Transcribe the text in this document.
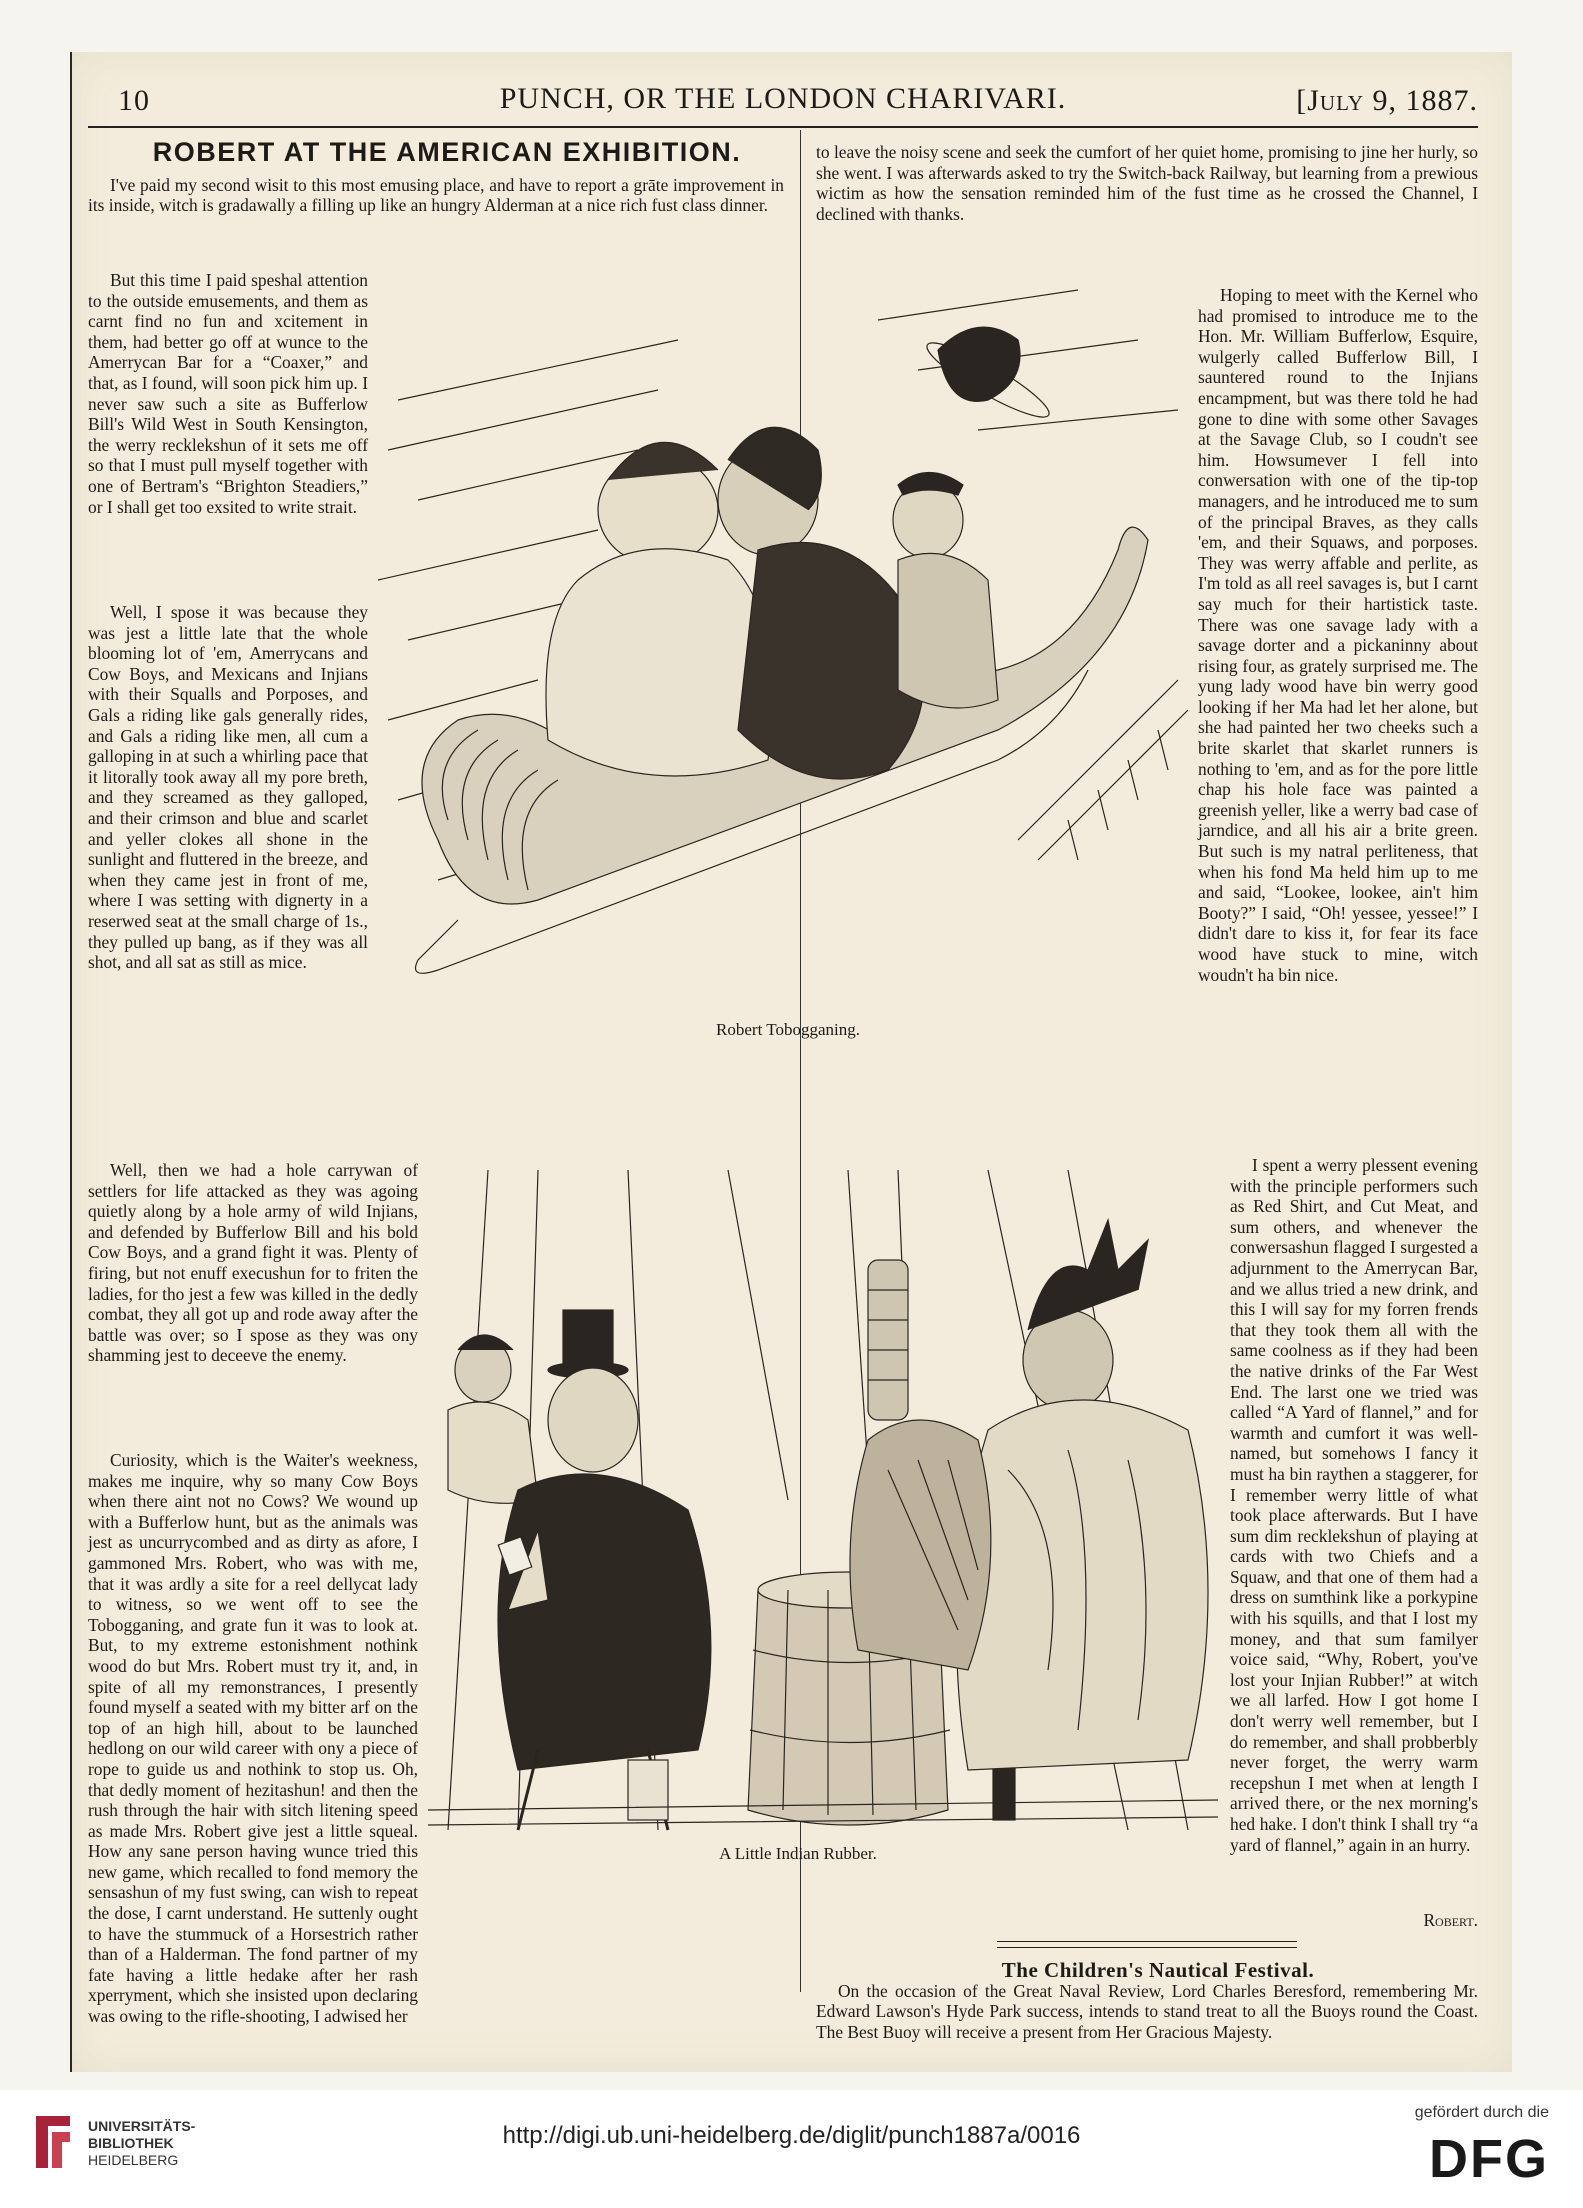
10	PUNCH, OR THE LONDON CHARIVARI.	[July 9, 1887.

ROBERT AT THE AMERICAN EXHIBITION.

I've paid my second wisit to this most emusing place, and have to report a grāte improvement in its inside, witch is gradawally a filling up like an hungry Alderman at a nice rich fust class dinner.

But this time I paid speshal attention to the outside emusements, and them as carnt find no fun and xcitement in them, had better go off at wunce to the Amerrycan Bar for a “Coaxer,” and that, as I found, will soon pick him up. I never saw such a site as Bufferlow Bill's Wild West in South Kensington, the werry recklekshun of it sets me off so that I must pull myself together with one of Bertram's “Brighton Steadiers,” or I shall get too exsited to write strait.

Well, I spose it was because they was jest a little late that the whole blooming lot of 'em, Amerrycans and Cow Boys, and Mexicans and Injians with their Squalls and Porposes, and Gals a riding like gals generally rides, and Gals a riding like men, all cum a galloping in at such a whirling pace that it litorally took away all my pore breth, and they screamed as they galloped, and their crimson and blue and scarlet and yeller clokes all shone in the sunlight and fluttered in the breeze, and when they came jest in front of me, where I was setting with dignerty in a reserwed seat at the small charge of 1s., they pulled up bang, as if they was all shot, and all sat as still as mice.

Robert Tobogganing.

to leave the noisy scene and seek the cumfort of her quiet home, promising to jine her hurly, so she went. I was afterwards asked to try the Switch-back Railway, but learning from a prewious wictim as how the sensation reminded him of the fust time as he crossed the Channel, I declined with thanks.

Hoping to meet with the Kernel who had promised to introduce me to the Hon. Mr. William Bufferlow, Esquire, wulgerly called Bufferlow Bill, I sauntered round to the Injians encampment, but was there told he had gone to dine with some other Savages at the Savage Club, so I coudn't see him. Howsumever I fell into conwersation with one of the tip-top managers, and he introduced me to sum of the principal Braves, as they calls 'em, and their Squaws, and porposes. They was werry affable and perlite, as I'm told as all reel savages is, but I carnt say much for their hartistick taste. There was one savage lady with a savage dorter and a pickaninny about rising four, as grately surprised me. The yung lady wood have bin werry good looking if her Ma had let her alone, but she had painted her two cheeks such a brite skarlet that skarlet runners is nothing to 'em, and as for the pore little chap his hole face was painted a greenish yeller, like a werry bad case of jarndice, and all his air a brite green. But such is my natral perliteness, that when his fond Ma held him up to me and said, “Lookee, lookee, ain't him Booty?” I said, “Oh! yessee, yessee!” I didn't dare to kiss it, for fear its face wood have stuck to mine, witch woudn't ha bin nice.

Well, then we had a hole carrywan of settlers for life attacked as they was agoing quietly along by a hole army of wild Injians, and defended by Bufferlow Bill and his bold Cow Boys, and a grand fight it was. Plenty of firing, but not enuff execushun for to friten the ladies, for tho jest a few was killed in the dedly combat, they all got up and rode away after the battle was over; so I spose as they was ony shamming jest to deceeve the enemy.

Curiosity, which is the Waiter's weekness, makes me inquire, why so many Cow Boys when there aint not no Cows? We wound up with a Bufferlow hunt, but as the animals was jest as uncurrycombed and as dirty as afore, I gammoned Mrs. Robert, who was with me, that it was ardly a site for a reel dellycat lady to witness, so we went off to see the Tobogganing, and grate fun it was to look at. But, to my extreme estonishment nothink wood do but Mrs. Robert must try it, and, in spite of all my remonstrances, I presently found myself a seated with my bitter arf on the top of an high hill, about to be launched hedlong on our wild career with ony a piece of rope to guide us and nothink to stop us. Oh, that dedly moment of hezitashun! and then the rush through the hair with sitch litening speed as made Mrs. Robert give jest a little squeal. How any sane person having wunce tried this new game, which recalled to fond memory the sensashun of my fust swing, can wish to repeat the dose, I carnt understand. He suttenly ought to have the stummuck of a Horsestrich rather than of a Halderman. The fond partner of my fate having a little hedake after her rash xperryment, which she insisted upon declaring was owing to the rifle-shooting, I adwised her

A Little Indian Rubber.

I spent a werry plessent evening with the principle performers such as Red Shirt, and Cut Meat, and sum others, and whenever the conwersashun flagged I surgested a adjurnment to the Amerrycan Bar, and we allus tried a new drink, and this I will say for my forren frends that they took them all with the same coolness as if they had been the native drinks of the Far West End. The larst one we tried was called “A Yard of flannel,” and for warmth and cumfort it was well-named, but somehows I fancy it must ha bin raythen a staggerer, for I remember werry little of what took place afterwards. But I have sum dim recklekshun of playing at cards with two Chiefs and a Squaw, and that one of them had a dress on sumthink like a porkypine with his squills, and that I lost my money, and that sum familyer voice said, “Why, Robert, you've lost your Injian Rubber!” at witch we all larfed. How I got home I don't werry well remember, but I do remember, and shall probberbly never forget, the werry warm recepshun I met when at length I arrived there, or the nex morning's hed hake. I don't think I shall try “a yard of flannel,” again in an hurry.

Robert.

The Children's Nautical Festival.

On the occasion of the Great Naval Review, Lord Charles Beresford, remembering Mr. Edward Lawson's Hyde Park success, intends to stand treat to all the Buoys round the Coast. The Best Buoy will receive a present from Her Gracious Majesty.

UNIVERSITÄTS-
BIBLIOTHEK
HEIDELBERG
http://digi.ub.uni-heidelberg.de/diglit/punch1887a/0016
gefördert durch die
DFG
